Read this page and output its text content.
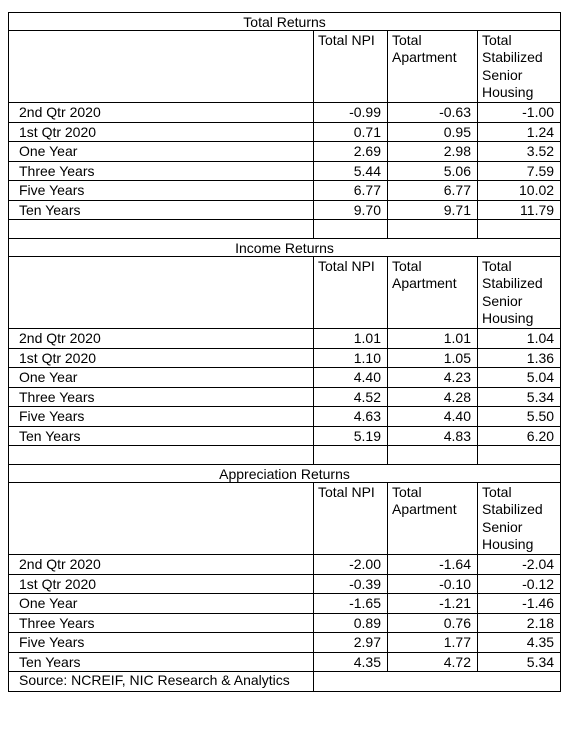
Total Returns			
	Total NPI	Total Apartment	Total Stabilized Senior Housing
2nd Qtr 2020	-0.99	-0.63	-1.00
1st Qtr 2020	0.71	0.95	1.24
One Year	2.69	2.98	3.52
Three Years	5.44	5.06	7.59
Five Years	6.77	6.77	10.02
Ten Years	9.70	9.71	11.79

Income Returns			
	Total NPI	Total Apartment	Total Stabilized Senior Housing
2nd Qtr 2020	1.01	1.01	1.04
1st Qtr 2020	1.10	1.05	1.36
One Year	4.40	4.23	5.04
Three Years	4.52	4.28	5.34
Five Years	4.63	4.40	5.50
Ten Years	5.19	4.83	6.20

Appreciation Returns			
	Total NPI	Total Apartment	Total Stabilized Senior Housing
2nd Qtr 2020	-2.00	-1.64	-2.04
1st Qtr 2020	-0.39	-0.10	-0.12
One Year	-1.65	-1.21	-1.46
Three Years	0.89	0.76	2.18
Five Years	2.97	1.77	4.35
Ten Years	4.35	4.72	5.34
Source: NCREIF, NIC Research & Analytics			
